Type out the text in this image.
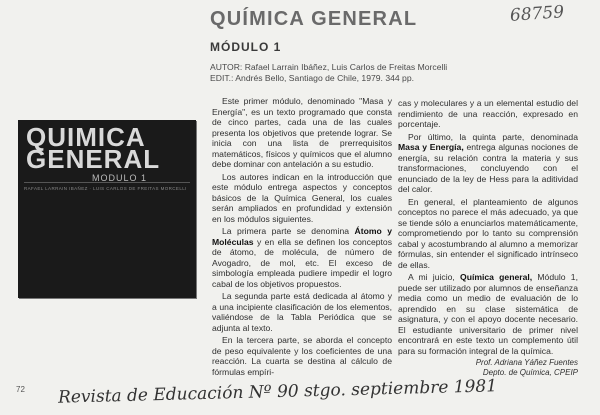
QUÍMICA GENERAL
MÓDULO 1
AUTOR: Rafael Larrain Ibáñez, Luis Carlos de Freitas Morcelli
EDIT.: Andrés Bello, Santiago de Chile, 1979. 344 pp.
68759
QUIMICA
GENERAL
MODULO 1
RAFAEL LARRAIN IBAÑEZ · LUIS CARLOS DE FREITAS MORCELLI

Este primer módulo, denominado "Masa y Energía", es un texto programado que consta de cinco partes, cada una de las cuales presenta los objetivos que pretende lograr. Se inicia con una lista de prerrequisitos matemáticos, físicos y químicos que el alumno debe dominar con antelación a su estudio.

Los autores indican en la introducción que este módulo entrega aspectos y conceptos básicos de la Química General, los cuales serán ampliados en profundidad y extensión en los módulos siguientes.

La primera parte se denomina Átomo y Moléculas y en ella se definen los conceptos de átomo, de molécula, de número de Avogadro, de mol, etc. El exceso de simbología empleada pudiere impedir el logro cabal de los objetivos propuestos.

La segunda parte está dedicada al átomo y a una incipiente clasificación de los elementos, valiéndose de la Tabla Periódica que se adjunta al texto.

En la tercera parte, se aborda el concepto de peso equivalente y los coeficientes de una reacción. La cuarta se destina al cálculo de fórmulas empíri-

cas y moleculares y a un elemental estudio del rendimiento de una reacción, expresado en porcentaje.

Por último, la quinta parte, denominada Masa y Energía, entrega algunas nociones de energía, su relación contra la materia y sus transformaciones, concluyendo con el enunciado de la ley de Hess para la aditividad del calor.

En general, el planteamiento de algunos conceptos no parece el más adecuado, ya que se tiende sólo a enunciarlos matemáticamente, comprometiendo por lo tanto su comprensión cabal y acostumbrando al alumno a memorizar fórmulas, sin entender el significado intrínseco de ellas.

A mi juicio, Química general, Módulo 1, puede ser utilizado por alumnos de enseñanza media como un medio de evaluación de lo aprendido en su clase sistemática de asignatura, y con el apoyo docente necesario. El estudiante universitario de primer nivel encontrará en este texto un complemento útil para su formación integral de la química.

Prof. Adriana Yáñez Fuentes
Depto. de Química, CPEIP

72 Revista de Educación Nº 90 stgo. septiembre 1981
